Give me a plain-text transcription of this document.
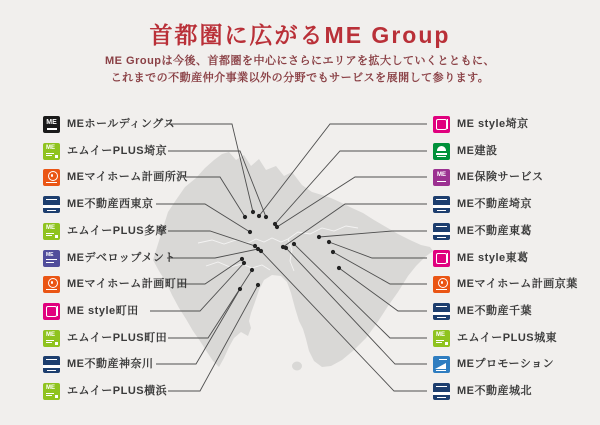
首都圏に広がるME Group

ME Groupは今後、首都圏を中心にさらにエリアを拡大していくとともに、
これまでの不動産仲介事業以外の分野でもサービスを展開して参ります。

ME MEホールディングス
ME エムイーPLUS埼京
MEマイホーム計画所沢
ME不動産西東京
ME エムイーPLUS多摩
ME MEデベロップメント
MEマイホーム計画町田
ME style町田
ME エムイーPLUS町田
ME不動産神奈川
ME エムイーPLUS横浜
ME style埼京
ME建設
ME	ME保険サービス
ME不動産埼京
ME不動産東葛
ME style東葛
MEマイホーム計画京葉
ME不動産千葉
ME エムイーPLUS城東
MEプロモーション
ME不動産城北
